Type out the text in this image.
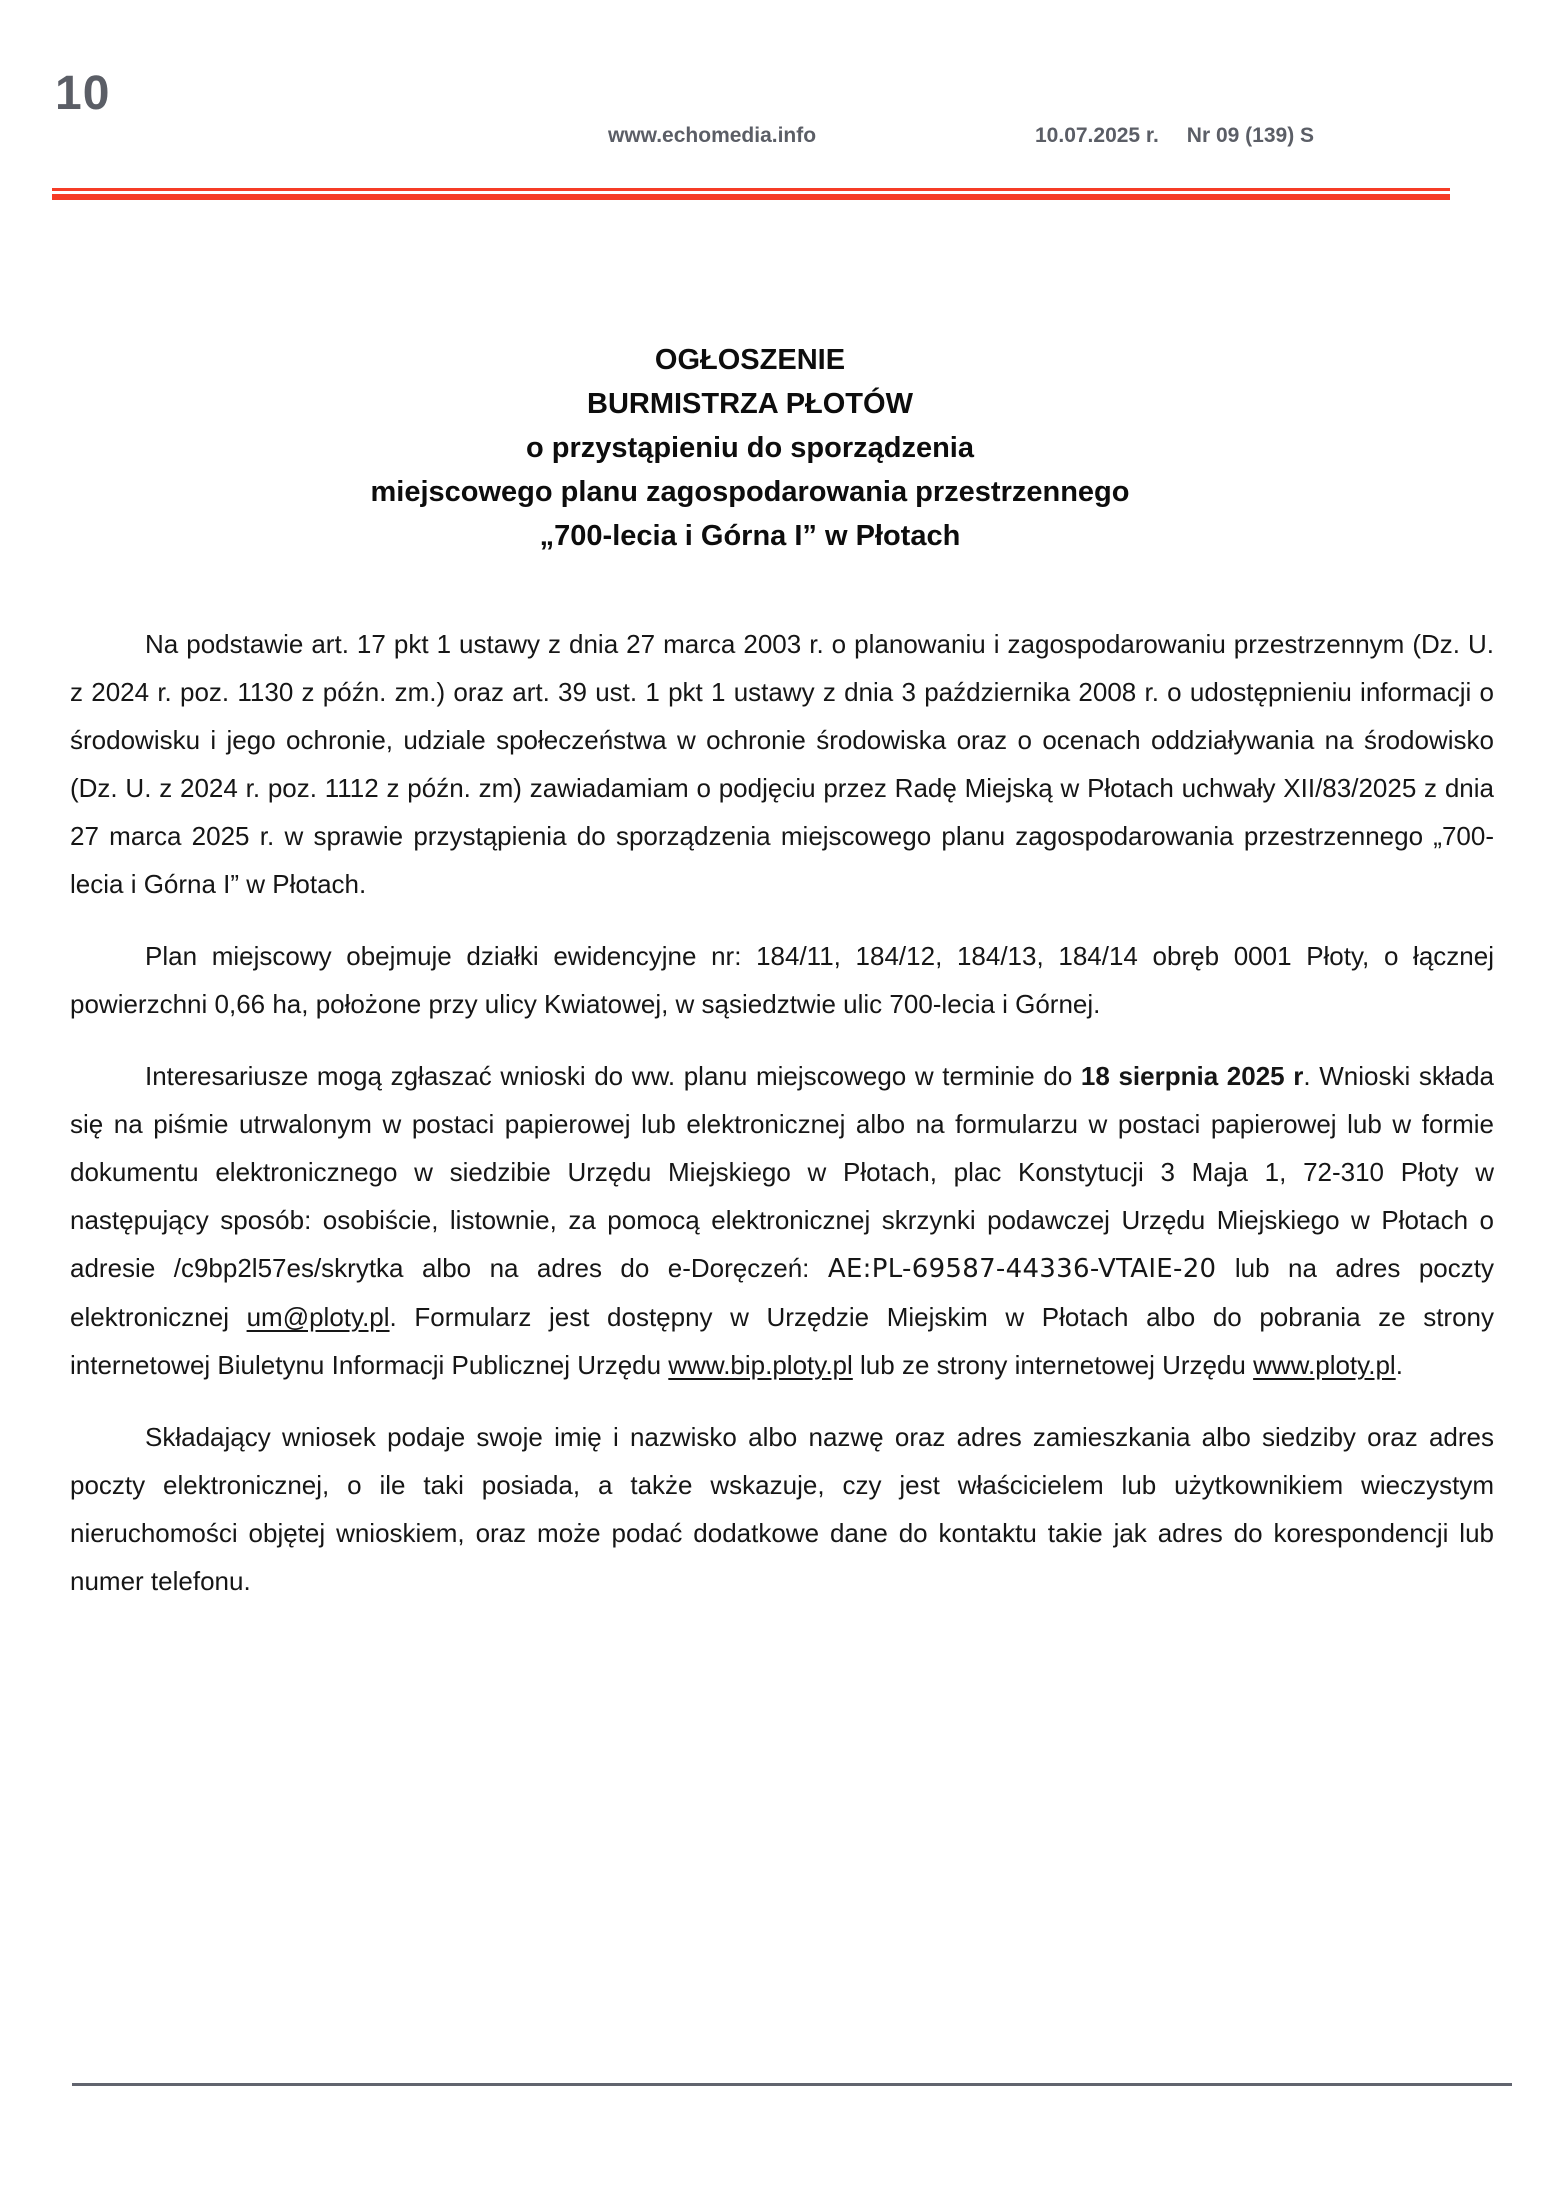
10
www.echomedia.info	10.07.2025 r. Nr 09 (139) S
OGŁOSZENIE
BURMISTRZA PŁOTÓW
o przystąpieniu do sporządzenia
miejscowego planu zagospodarowania przestrzennego
„700-lecia i Górna I” w Płotach

Na podstawie art. 17 pkt 1 ustawy z dnia 27 marca 2003 r. o planowaniu i zagospodarowaniu przestrzennym (Dz. U. z 2024 r. poz. 1130 z późn. zm.) oraz art. 39 ust. 1 pkt 1 ustawy z dnia 3 października 2008 r. o udostępnieniu informacji o środowisku i jego ochronie, udziale społeczeństwa w ochronie środowiska oraz o ocenach oddziaływania na środowisko (Dz. U. z 2024 r. poz. 1112 z późn. zm) zawiadamiam o podjęciu przez Radę Miejską w Płotach uchwały XII/83/2025 z dnia 27 marca 2025 r. w sprawie przystąpienia do sporządzenia miejscowego planu zagospodarowania przestrzennego „700-lecia i Górna I” w Płotach.

Plan miejscowy obejmuje działki ewidencyjne nr: 184/11, 184/12, 184/13, 184/14 obręb 0001 Płoty, o łącznej powierzchni 0,66 ha, położone przy ulicy Kwiatowej, w sąsiedztwie ulic 700-lecia i Górnej.

Interesariusze mogą zgłaszać wnioski do ww. planu miejscowego w terminie do 18 sierpnia 2025 r. Wnioski składa się na piśmie utrwalonym w postaci papierowej lub elektronicznej albo na formularzu w postaci papierowej lub w formie dokumentu elektronicznego w siedzibie Urzędu Miejskiego w Płotach, plac Konstytucji 3 Maja 1, 72-310 Płoty w następujący sposób: osobiście, listownie, za pomocą elektronicznej skrzynki podawczej Urzędu Miejskiego w Płotach o adresie /c9bp2l57es/skrytka albo na adres do e-Doręczeń: AE:PL-69587-44336-VTAIE-20 lub na adres poczty elektronicznej um@ploty.pl. Formularz jest dostępny w Urzędzie Miejskim w Płotach albo do pobrania ze strony internetowej Biuletynu Informacji Publicznej Urzędu www.bip.ploty.pl lub ze strony internetowej Urzędu www.ploty.pl.

Składający wniosek podaje swoje imię i nazwisko albo nazwę oraz adres zamieszkania albo siedziby oraz adres poczty elektronicznej, o ile taki posiada, a także wskazuje, czy jest właścicielem lub użytkownikiem wieczystym nieruchomości objętej wnioskiem, oraz może podać dodatkowe dane do kontaktu takie jak adres do korespondencji lub numer telefonu.
